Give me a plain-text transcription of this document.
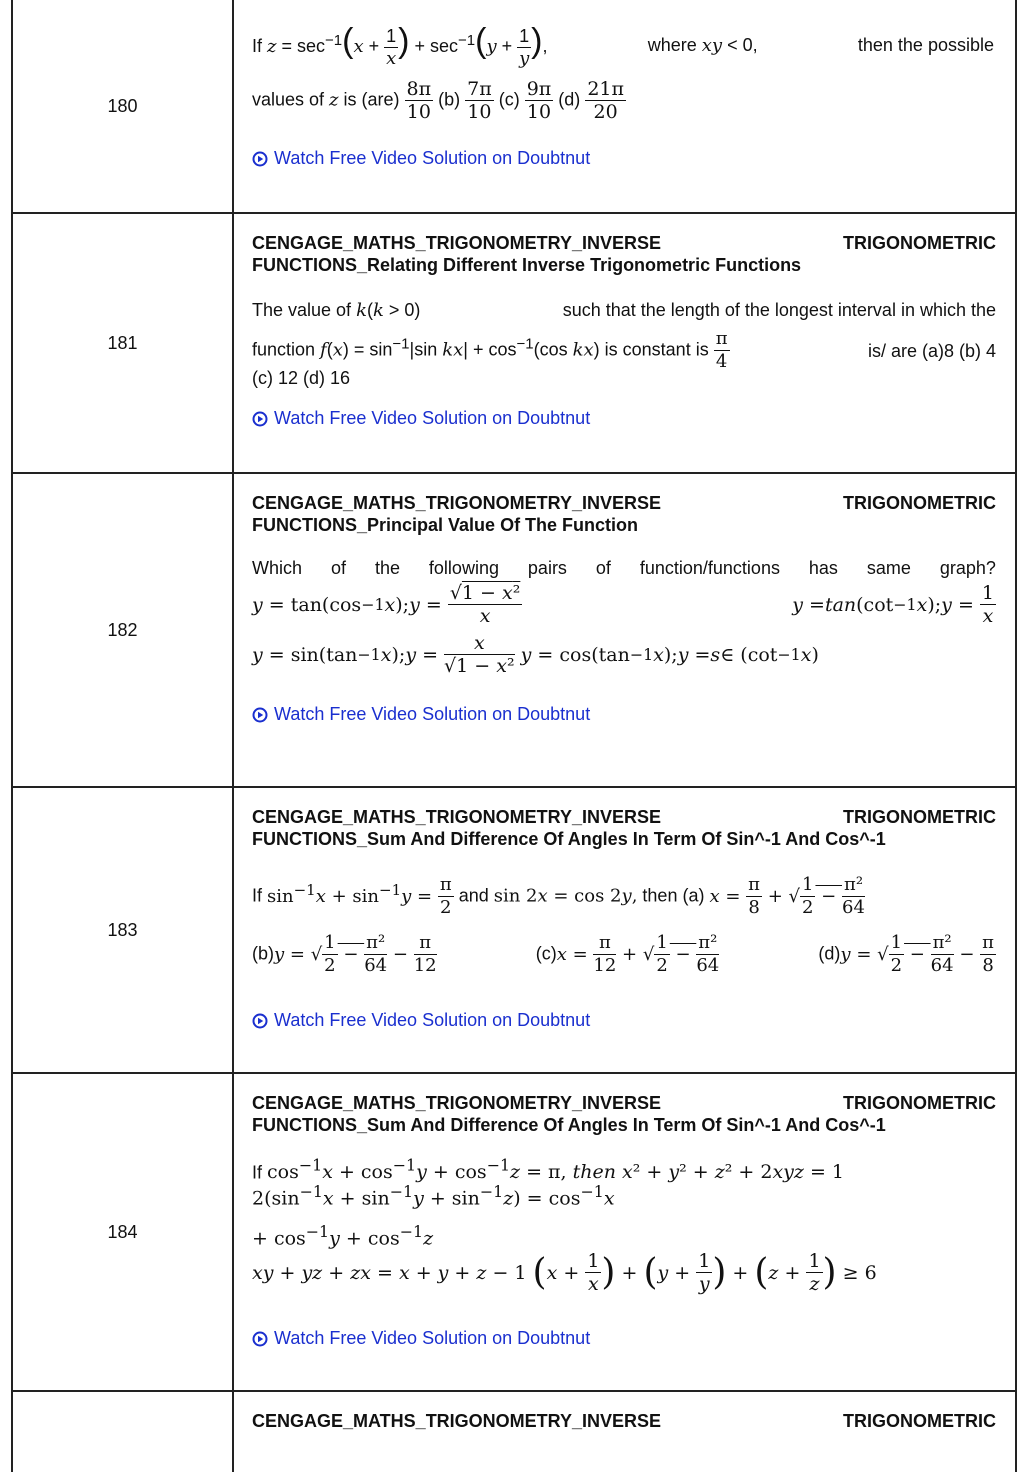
180
If $z = \sec^{-1}(x + \frac{1}{x}$ ) + $\sec^{-1}(y + \frac{1}{y}$ ),	where xy < 0,	then the possible
values of z is $(are) \frac{8\pi}{10} (b) \frac{7\pi}{10} (c) \frac{9\pi}{10} (d) \frac{21\pi}{20}$
Watch Free Video Solution on Doubtnut
181
CENGAGE_MATHS_TRIGONOMETRY_INVERSE	TRIGONOMETRIC
FUNCTIONS_Relating Different Inverse Trigonometric Functions
The value of k(k > 0)	such that the length of the longest interval in which the
function $f(x) = \sin^{-1}|\sin$ $kx| + \cos^{-1}(\cos$ kx) is constant is $\frac{\pi}{4}$	is/ are (a)8 (b) 4
(c) 12 (d) 16
Watch Free Video Solution on Doubtnut
182
CENGAGE_MATHS_TRIGONOMETRY_INVERSE	TRIGONOMETRIC
FUNCTIONS_Principal Value Of The Function
Which of the following pairs of function/functions has same graph?
y = tan(cos −1 x ); $y = \frac{\text{√1 − x²}}{x}$	y = tan (cot −1 x ); $y = \frac{1}{x}$
y = sin(tan −1 x ); $y = \frac{x}{\text{√1 − x²}}$
y = cos(tan −1 x ); y = s ∈ (cot −1 x )
Watch Free Video Solution on Doubtnut
183
CENGAGE_MATHS_TRIGONOMETRY_INVERSE	TRIGONOMETRIC
FUNCTIONS_Sum And Difference Of Angles In Term Of Sin^-1 And Cos^-1
If $\sin^{-1}x + \sin^{-1}y = \frac{\pi}{2}$ and sin 2x = cos 2y, then (a) $x = \frac{\pi}{8}$ + √ $\frac{1}{2} - \frac{\text{π²}}{64}$
(b)y = √ $\frac{1}{2} - \frac{\text{π²}}{64} - \frac{\pi}{12}$	$(c)x = \frac{\pi}{12}$ + √ $\frac{1}{2} - \frac{\text{π²}}{64}$	(d)y = √ $\frac{1}{2} - \frac{\text{π²}}{64} - \frac{\pi}{8}$
Watch Free Video Solution on Doubtnut
184
CENGAGE_MATHS_TRIGONOMETRY_INVERSE	TRIGONOMETRIC
FUNCTIONS_Sum And Difference Of Angles In Term Of Sin^-1 And Cos^-1
If $\cos^{-1}x + \cos^{-1}y + \cos^{-1}z = \pi$, then x² + y² + z² + 2xyz = 1
$2(\sin^{-1}x + \sin^{-1}y + \sin^{-1}z) = \cos^{-1}x$
+ $\cos^{-1}y + \cos^{-1}z$
xy + yz + zx = x + y + z − 1 ( $x + \frac{1}{x}$ ) + ( $y + \frac{1}{y}$ ) + ( $z + \frac{1}{z}$ ) ≥ 6
Watch Free Video Solution on Doubtnut
CENGAGE_MATHS_TRIGONOMETRY_INVERSE	TRIGONOMETRIC
